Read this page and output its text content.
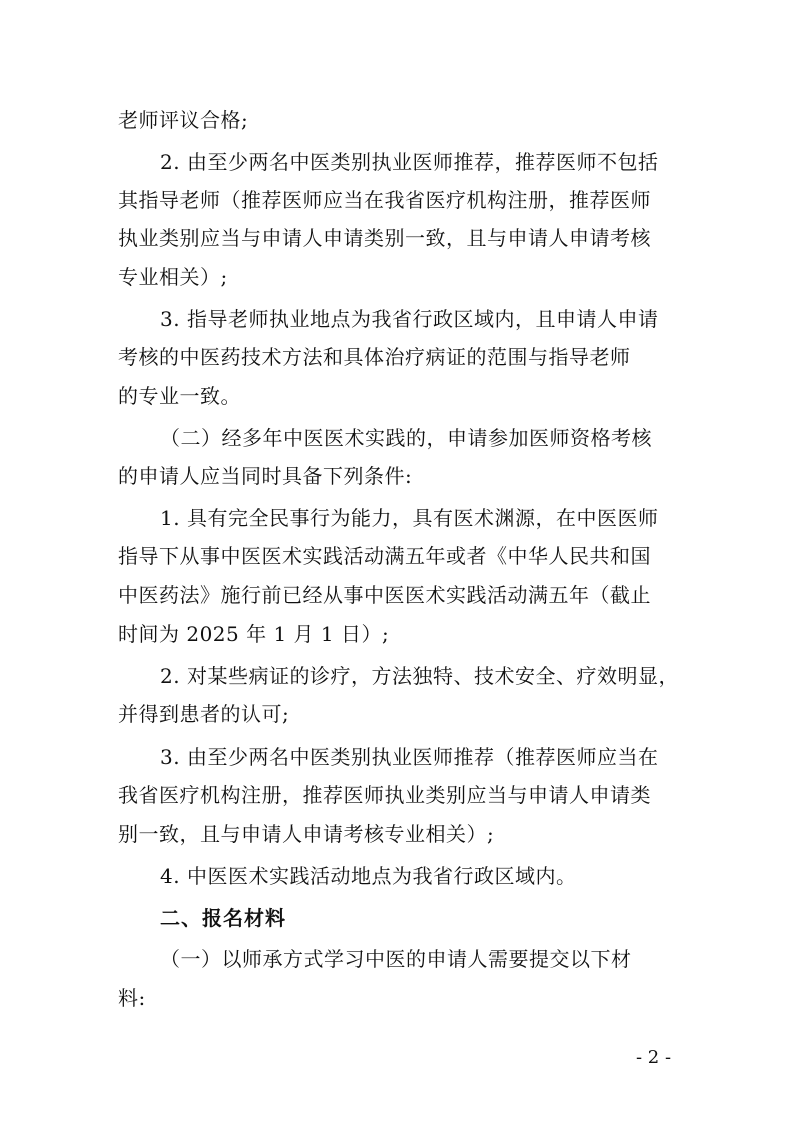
老师评议合格;
2. 由至少两名中医类别执业医师推荐，推荐医师不包括
其指导老师（推荐医师应当在我省医疗机构注册，推荐医师
执业类别应当与申请人申请类别一致，且与申请人申请考核
专业相关）;
3. 指导老师执业地点为我省行政区域内，且申请人申请
考核的中医药技术方法和具体治疗病证的范围与指导老师
的专业一致。
（二）经多年中医医术实践的，申请参加医师资格考核
的申请人应当同时具备下列条件:
1. 具有完全民事行为能力，具有医术渊源，在中医医师
指导下从事中医医术实践活动满五年或者《中华人民共和国
中医药法》施行前已经从事中医医术实践活动满五年（截止
时间为 2025 年 1 月 1 日）;
2. 对某些病证的诊疗，方法独特、技术安全、疗效明显，
并得到患者的认可;
3. 由至少两名中医类别执业医师推荐（推荐医师应当在
我省医疗机构注册，推荐医师执业类别应当与申请人申请类
别一致，且与申请人申请考核专业相关）;
4. 中医医术实践活动地点为我省行政区域内。
二、报名材料
（一）以师承方式学习中医的申请人需要提交以下材
料:
- 2 -
